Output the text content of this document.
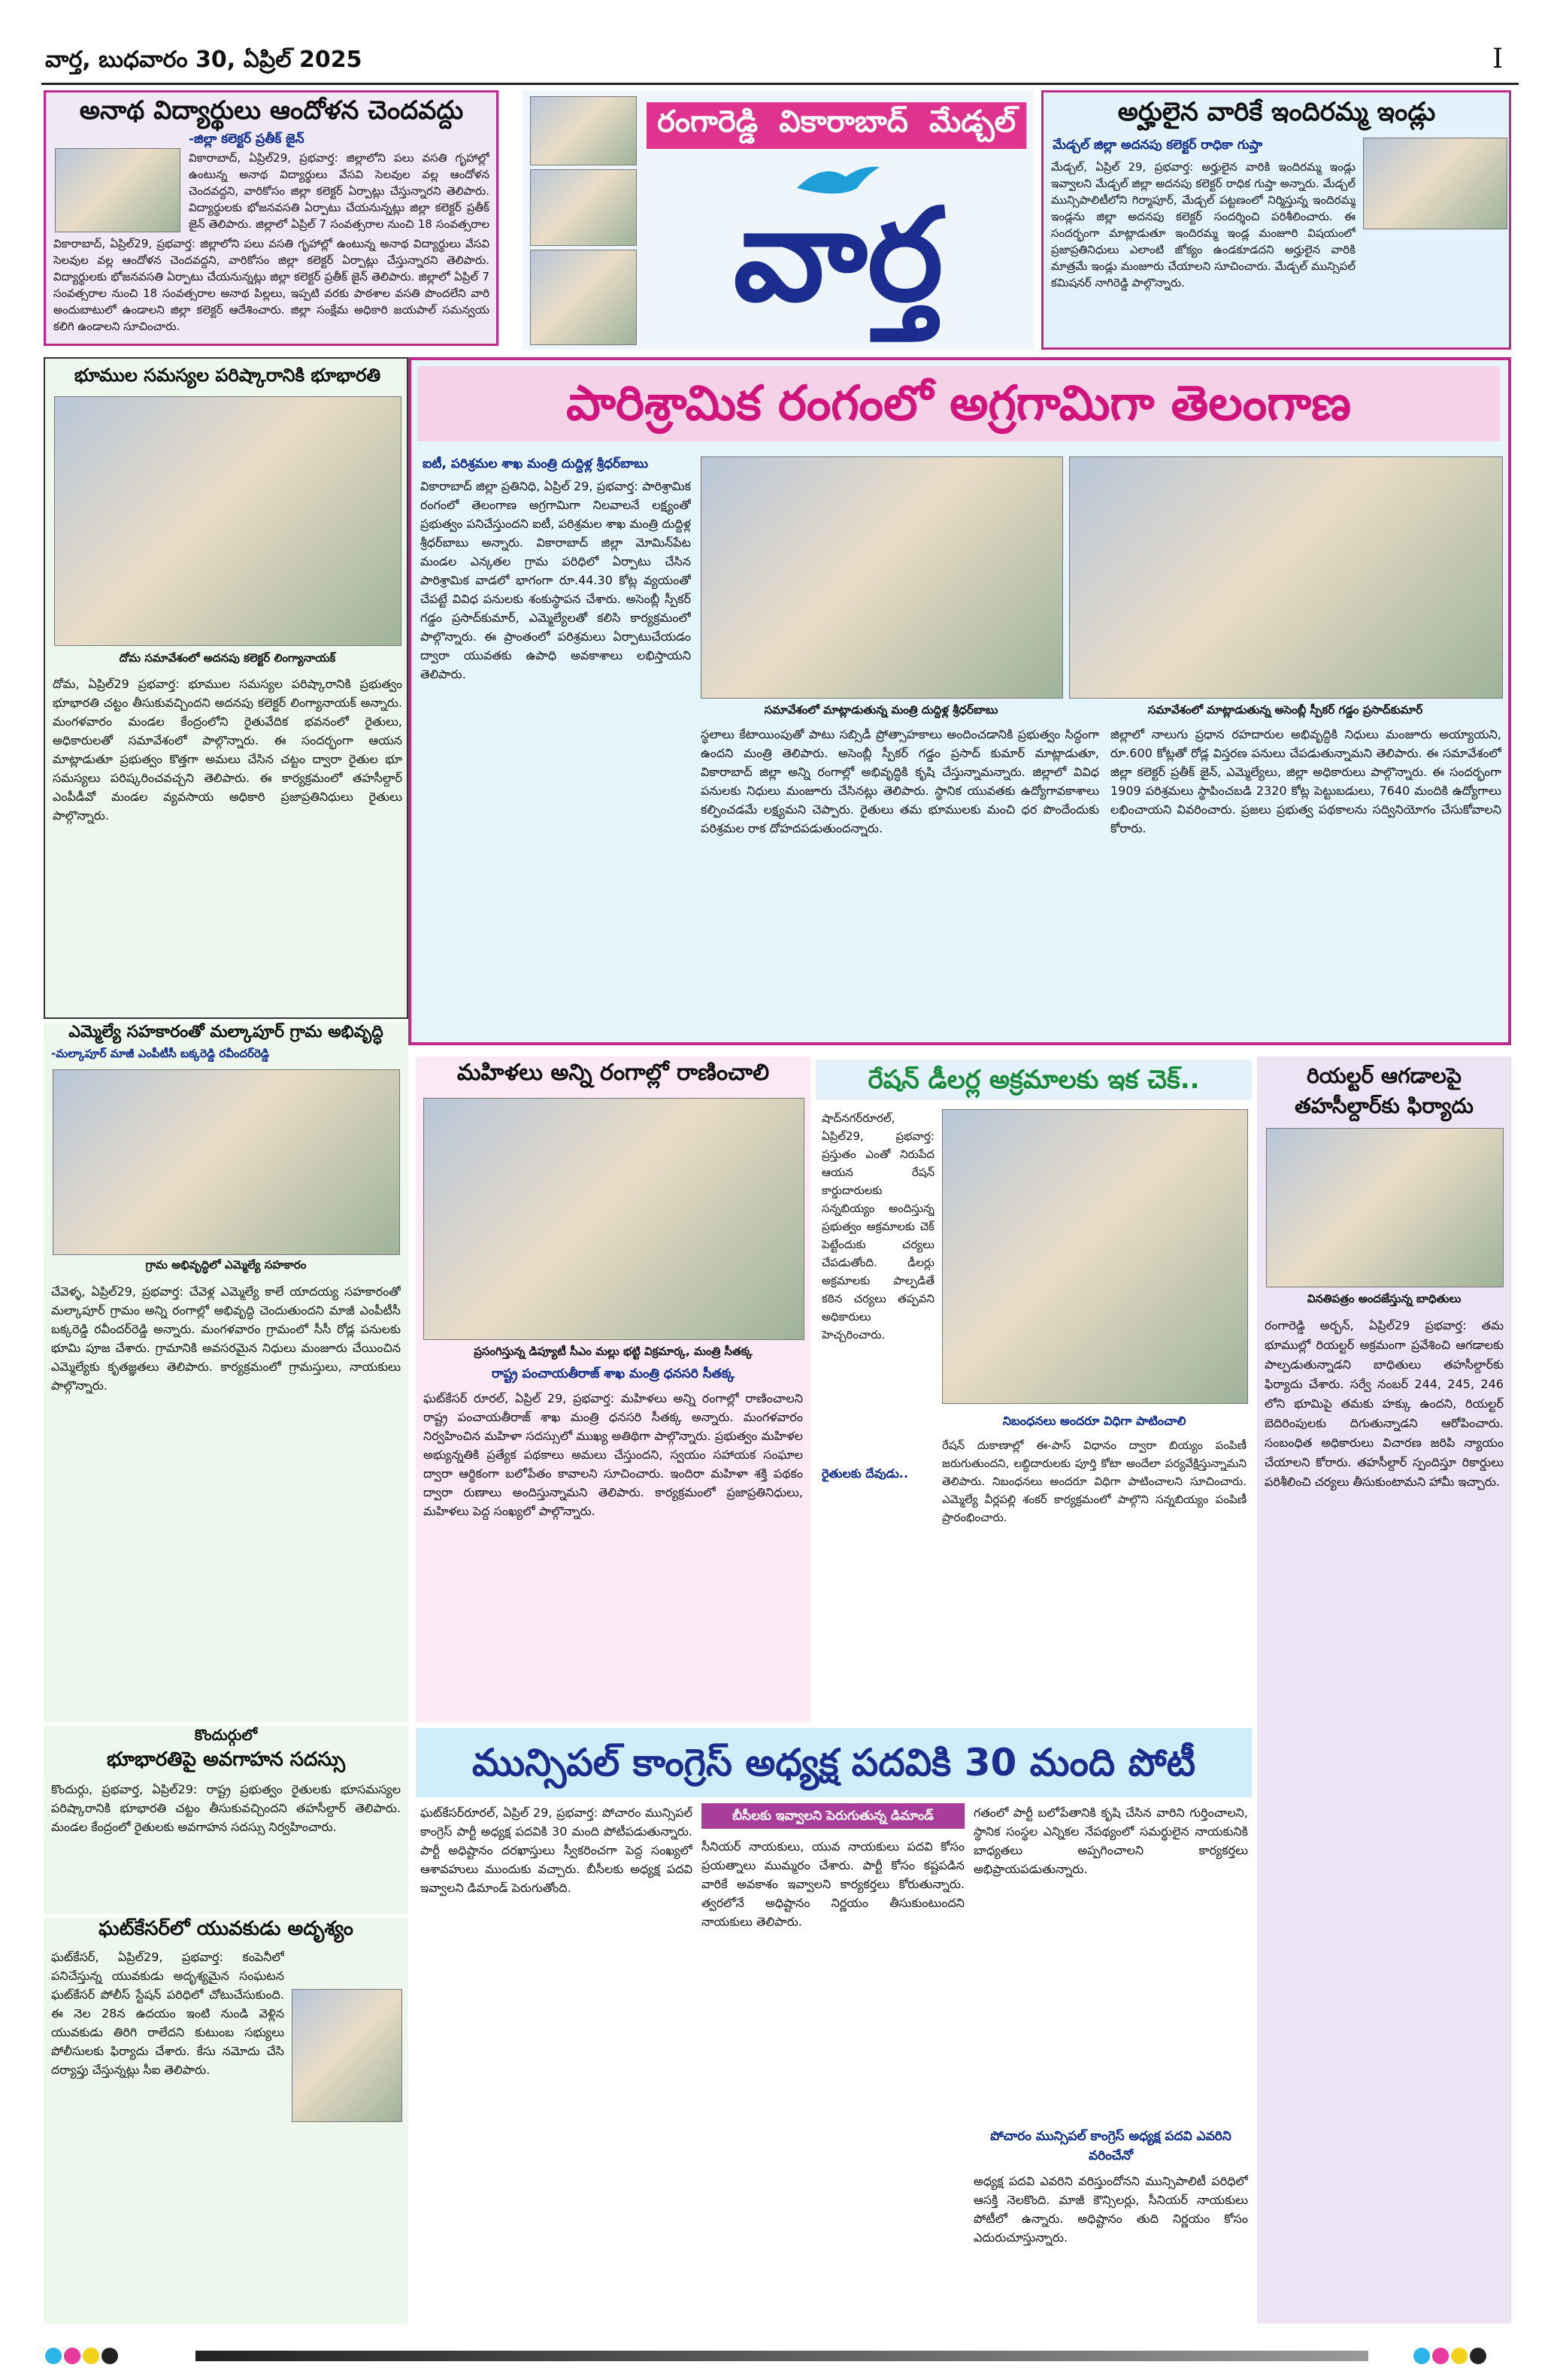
వార్త, బుధవారం 30, ఏప్రిల్ 2025	I
అనాథ విద్యార్థులు ఆందోళన చెందవద్దు
-జిల్లా కలెక్టర్ ప్రతీక్ జైన్
వికారాబాద్, ఏప్రిల్29, ప్రభవార్త: జిల్లాలోని పలు వసతి గృహాల్లో ఉంటున్న అనాథ విద్యార్థులు వేసవి సెలవుల వల్ల ఆందోళన చెందవద్దని, వారికోసం జిల్లా కలెక్టర్ ఏర్పాట్లు చేస్తున్నారని తెలిపారు. విద్యార్థులకు భోజనవసతి ఏర్పాటు చేయనున్నట్లు జిల్లా కలెక్టర్ ప్రతీక్ జైన్ తెలిపారు. జిల్లాలో ఏప్రిల్ 7 సంవత్సరాల నుంచి 18 సంవత్సరాల అనాథ పిల్లలు, ఇప్పటి వరకు పాఠశాల వసతి పొందలేని వారి అందుబాటులో ఉండాలని జిల్లా కలెక్టర్ ఆదేశించారు. జిల్లా సంక్షేమ అధికారి జయపాల్ సమన్వయ కలిగి ఉండాలని సూచించారు.
వికారాబాద్, ఏప్రిల్29, ప్రభవార్త: జిల్లాలోని పలు వసతి గృహాల్లో ఉంటున్న అనాథ విద్యార్థులు వేసవి సెలవుల వల్ల ఆందోళన చెందవద్దని, వారికోసం జిల్లా కలెక్టర్ ఏర్పాట్లు చేస్తున్నారని తెలిపారు. విద్యార్థులకు భోజనవసతి ఏర్పాటు చేయనున్నట్లు జిల్లా కలెక్టర్ ప్రతీక్ జైన్ తెలిపారు. జిల్లాలో ఏప్రిల్ 7 సంవత్సరాల నుంచి 18 సంవత్సరాల
రంగారెడ్డి వికారాబాద్ మేడ్చల్
వార్త
అర్హులైన వారికే ఇందిరమ్మ ఇండ్లు
మేడ్చల్ జిల్లా అదనపు కలెక్టర్ రాధికా గుప్తా
మేడ్చల్, ఏప్రిల్ 29, ప్రభవార్త: అర్హులైన వారికి ఇందిరమ్మ ఇండ్లు ఇవ్వాలని మేడ్చల్ జిల్లా అదనపు కలెక్టర్ రాధిక గుప్తా అన్నారు. మేడ్చల్ మున్సిపాలిటీలోని గిర్మాపూర్, మేడ్చల్ పట్టణంలో నిర్మిస్తున్న ఇందిరమ్మ ఇండ్లను జిల్లా అదనపు కలెక్టర్ సందర్శించి పరిశీలించారు. ఈ సందర్భంగా మాట్లాడుతూ ఇందిరమ్మ ఇండ్ల మంజూరి విషయంలో ప్రజాప్రతినిధులు ఎలాంటి జోక్యం ఉండకూడదని అర్హులైన వారికి మాత్రమే ఇండ్లు మంజూరు చేయాలని సూచించారు. మేడ్చల్ మున్సిపల్ కమిషనర్ నాగిరెడ్డి పాల్గొన్నారు.
భూముల సమస్యల పరిష్కారానికి భూభారతి
దోమ సమావేశంలో అదనపు కలెక్టర్ లింగ్యానాయక్
దోమ, ఏప్రిల్29 ప్రభవార్త: భూముల సమస్యల పరిష్కారానికి ప్రభుత్వం భూభారతి చట్టం తీసుకువచ్చిందని అదనపు కలెక్టర్ లింగ్యానాయక్ అన్నారు. మంగళవారం మండల కేంద్రంలోని రైతువేదిక భవనంలో రైతులు, అధికారులతో సమావేశంలో పాల్గొన్నారు. ఈ సందర్భంగా ఆయన మాట్లాడుతూ ప్రభుత్వం కొత్తగా అమలు చేసిన చట్టం ద్వారా రైతుల భూ సమస్యలు పరిష్కరించవచ్చని తెలిపారు. ఈ కార్యక్రమంలో తహసీల్దార్ ఎంపీడీవో మండల వ్యవసాయ అధికారి ప్రజాప్రతినిధులు రైతులు పాల్గొన్నారు.
ఎమ్మెల్యే సహకారంతో మల్కాపూర్ గ్రామ అభివృద్ధి
-మల్కాపూర్ మాజీ ఎంపీటీసీ బక్కరెడ్డి రవీందర్‌రెడ్డి
గ్రామ అభివృద్ధిలో ఎమ్మెల్యే సహకారం
చేవెళ్ళ, ఏప్రిల్29, ప్రభవార్త: చేవెళ్ల ఎమ్మెల్యే కాలే యాదయ్య సహకారంతో మల్కాపూర్ గ్రామం అన్ని రంగాల్లో అభివృద్ధి చెందుతుందని మాజీ ఎంపీటీసీ బక్కరెడ్డి రవీందర్‌రెడ్డి అన్నారు. మంగళవారం గ్రామంలో సీసీ రోడ్ల పనులకు భూమి పూజ చేశారు. గ్రామానికి అవసరమైన నిధులు మంజూరు చేయించిన ఎమ్మెల్యేకు కృతజ్ఞతలు తెలిపారు. కార్యక్రమంలో గ్రామస్తులు, నాయకులు పాల్గొన్నారు.
కొందుర్గులో
భూభారతిపై అవగాహన సదస్సు
కొందుర్గు, ప్రభవార్త, ఏప్రిల్29: రాష్ట్ర ప్రభుత్వం రైతులకు భూసమస్యల పరిష్కారానికి భూభారతి చట్టం తీసుకువచ్చిందని తహసీల్దార్ తెలిపారు. మండల కేంద్రంలో రైతులకు అవగాహన సదస్సు నిర్వహించారు.
ఘట్‌కేసర్‌లో యువకుడు అదృశ్యం
ఘట్‌కేసర్, ఏప్రిల్29, ప్రభవార్త: కంపెనీలో పనిచేస్తున్న యువకుడు అదృశ్యమైన సంఘటన ఘట్‌కేసర్ పోలీస్ స్టేషన్ పరిధిలో చోటుచేసుకుంది. ఈ నెల 28న ఉదయం ఇంటి నుండి వెళ్లిన యువకుడు తిరిగి రాలేదని కుటుంబ సభ్యులు పోలీసులకు ఫిర్యాదు చేశారు. కేసు నమోదు చేసి దర్యాప్తు చేస్తున్నట్లు సీఐ తెలిపారు.
పారిశ్రామిక రంగంలో అగ్రగామిగా తెలంగాణ
ఐటీ, పరిశ్రమల శాఖ మంత్రి దుద్దిళ్ల శ్రీధర్‌బాబు
వికారాబాద్ జిల్లా ప్రతినిధి, ఏప్రిల్ 29, ప్రభవార్త: పారిశ్రామిక రంగంలో తెలంగాణ అగ్రగామిగా నిలవాలనే లక్ష్యంతో ప్రభుత్వం పనిచేస్తుందని ఐటీ, పరిశ్రమల శాఖ మంత్రి దుద్దిళ్ల శ్రీధర్‌బాబు అన్నారు. వికారాబాద్ జిల్లా మోమిన్‌పేట మండల ఎన్కతల గ్రామ పరిధిలో ఏర్పాటు చేసిన పారిశ్రామిక వాడలో భాగంగా రూ.44.30 కోట్ల వ్యయంతో చేపట్టే వివిధ పనులకు శంకుస్థాపన చేశారు. అసెంబ్లీ స్పీకర్ గడ్డం ప్రసాద్‌కుమార్, ఎమ్మెల్యేలతో కలిసి కార్యక్రమంలో పాల్గొన్నారు. ఈ ప్రాంతంలో పరిశ్రమలు ఏర్పాటుచేయడం ద్వారా యువతకు ఉపాధి అవకాశాలు లభిస్తాయని తెలిపారు.
సమావేశంలో మాట్లాడుతున్న మంత్రి దుద్దిళ్ల శ్రీధర్‌బాబు	సమావేశంలో మాట్లాడుతున్న అసెంబ్లీ స్పీకర్ గడ్డం ప్రసాద్‌కుమార్
స్థలాలు కేటాయింపుతో పాటు సబ్సిడీ ప్రోత్సాహకాలు అందించడానికి ప్రభుత్వం సిద్ధంగా ఉందని మంత్రి తెలిపారు. అసెంబ్లీ స్పీకర్ గడ్డం ప్రసాద్ కుమార్ మాట్లాడుతూ, వికారాబాద్ జిల్లా అన్ని రంగాల్లో అభివృద్ధికి కృషి చేస్తున్నామన్నారు. జిల్లాలో వివిధ పనులకు నిధులు మంజూరు చేసినట్లు తెలిపారు. స్థానిక యువతకు ఉద్యోగావకాశాలు కల్పించడమే లక్ష్యమని చెప్పారు. రైతులు తమ భూములకు మంచి ధర పొందేందుకు పరిశ్రమల రాక దోహదపడుతుందన్నారు.
జిల్లాలో నాలుగు ప్రధాన రహదారుల అభివృద్ధికి నిధులు మంజూరు అయ్యాయని, రూ.600 కోట్లతో రోడ్ల విస్తరణ పనులు చేపడుతున్నామని తెలిపారు. ఈ సమావేశంలో జిల్లా కలెక్టర్ ప్రతీక్ జైన్, ఎమ్మెల్యేలు, జిల్లా అధికారులు పాల్గొన్నారు. ఈ సందర్భంగా 1909 పరిశ్రమలు స్థాపించబడి 2320 కోట్ల పెట్టుబడులు, 7640 మందికి ఉద్యోగాలు లభించాయని వివరించారు. ప్రజలు ప్రభుత్వ పథకాలను సద్వినియోగం చేసుకోవాలని కోరారు.
మహిళలు అన్ని రంగాల్లో రాణించాలి
ప్రసంగిస్తున్న డిప్యూటీ సీఎం మల్లు భట్టి విక్రమార్క, మంత్రి సీతక్క
రాష్ట్ర పంచాయతీరాజ్ శాఖ మంత్రి ధనసరి సీతక్క
ఘట్‌కేసర్ రూరల్, ఏప్రిల్ 29, ప్రభవార్త: మహిళలు అన్ని రంగాల్లో రాణించాలని రాష్ట్ర పంచాయతీరాజ్ శాఖ మంత్రి ధనసరి సీతక్క అన్నారు. మంగళవారం నిర్వహించిన మహిళా సదస్సులో ముఖ్య అతిథిగా పాల్గొన్నారు. ప్రభుత్వం మహిళల అభ్యున్నతికి ప్రత్యేక పథకాలు అమలు చేస్తుందని, స్వయం సహాయక సంఘాల ద్వారా ఆర్థికంగా బలోపేతం కావాలని సూచించారు. ఇందిరా మహిళా శక్తి పథకం ద్వారా రుణాలు అందిస్తున్నామని తెలిపారు. కార్యక్రమంలో ప్రజాప్రతినిధులు, మహిళలు పెద్ద సంఖ్యలో పాల్గొన్నారు.
రేషన్ డీలర్ల అక్రమాలకు ఇక చెక్..
షాద్‌నగర్‌రూరల్, ఏప్రిల్29, ప్రభవార్త: ప్రస్తుతం ఎంతో నిరుపేద ఆయన రేషన్ కార్డుదారులకు సన్నబియ్యం అందిస్తున్న ప్రభుత్వం అక్రమాలకు చెక్ పెట్టేందుకు చర్యలు చేపడుతోంది. డీలర్లు అక్రమాలకు పాల్పడితే కఠిన చర్యలు తప్పవని అధికారులు హెచ్చరించారు.
నిబంధనలు అందరూ విధిగా పాటించాలి
రేషన్ దుకాణాల్లో ఈ-పాస్ విధానం ద్వారా బియ్యం పంపిణీ జరుగుతుందని, లబ్ధిదారులకు పూర్తి కోటా అందేలా పర్యవేక్షిస్తున్నామని తెలిపారు. నిబంధనలు అందరూ విధిగా పాటించాలని సూచించారు. ఎమ్మెల్యే వీర్లపల్లి శంకర్ కార్యక్రమంలో పాల్గొని సన్నబియ్యం పంపిణీ ప్రారంభించారు.
రైతులకు దేవుడు..
రియల్టర్ ఆగడాలపై తహసీల్దార్‌కు ఫిర్యాదు
వినతిపత్రం అందజేస్తున్న బాధితులు
రంగారెడ్డి అర్బన్, ఏప్రిల్29 ప్రభవార్త: తమ భూముల్లో రియల్టర్ అక్రమంగా ప్రవేశించి ఆగడాలకు పాల్పడుతున్నాడని బాధితులు తహసీల్దార్‌కు ఫిర్యాదు చేశారు. సర్వే నంబర్ 244, 245, 246 లోని భూమిపై తమకు హక్కు ఉందని, రియల్టర్ బెదిరింపులకు దిగుతున్నాడని ఆరోపించారు. సంబంధిత అధికారులు విచారణ జరిపి న్యాయం చేయాలని కోరారు. తహసీల్దార్ స్పందిస్తూ రికార్డులు పరిశీలించి చర్యలు తీసుకుంటామని హామీ ఇచ్చారు.
మున్సిపల్ కాంగ్రెస్ అధ్యక్ష పదవికి 30 మంది పోటీ
బీసీలకు ఇవ్వాలని పెరుగుతున్న డిమాండ్
ఘట్‌కేసర్‌రూరల్, ఏప్రిల్ 29, ప్రభవార్త: పోచారం మున్సిపల్ కాంగ్రెస్ పార్టీ అధ్యక్ష పదవికి 30 మంది పోటీపడుతున్నారు. పార్టీ అధిష్టానం దరఖాస్తులు స్వీకరించగా పెద్ద సంఖ్యలో ఆశావహులు ముందుకు వచ్చారు. బీసీలకు అధ్యక్ష పదవి ఇవ్వాలని డిమాండ్ పెరుగుతోంది.
సీనియర్ నాయకులు, యువ నాయకులు పదవి కోసం ప్రయత్నాలు ముమ్మరం చేశారు. పార్టీ కోసం కష్టపడిన వారికే అవకాశం ఇవ్వాలని కార్యకర్తలు కోరుతున్నారు. త్వరలోనే అధిష్టానం నిర్ణయం తీసుకుంటుందని నాయకులు తెలిపారు.
గతంలో పార్టీ బలోపేతానికి కృషి చేసిన వారిని గుర్తించాలని, స్థానిక సంస్థల ఎన్నికల నేపథ్యంలో సమర్థులైన నాయకునికి బాధ్యతలు అప్పగించాలని కార్యకర్తలు అభిప్రాయపడుతున్నారు.
పోచారం మున్సిపల్ కాంగ్రెస్ అధ్యక్ష పదవి ఎవరిని వరించేనో
అధ్యక్ష పదవి ఎవరిని వరిస్తుందోనని మున్సిపాలిటీ పరిధిలో ఆసక్తి నెలకొంది. మాజీ కౌన్సిలర్లు, సీనియర్ నాయకులు పోటీలో ఉన్నారు. అధిష్టానం తుది నిర్ణయం కోసం ఎదురుచూస్తున్నారు.
